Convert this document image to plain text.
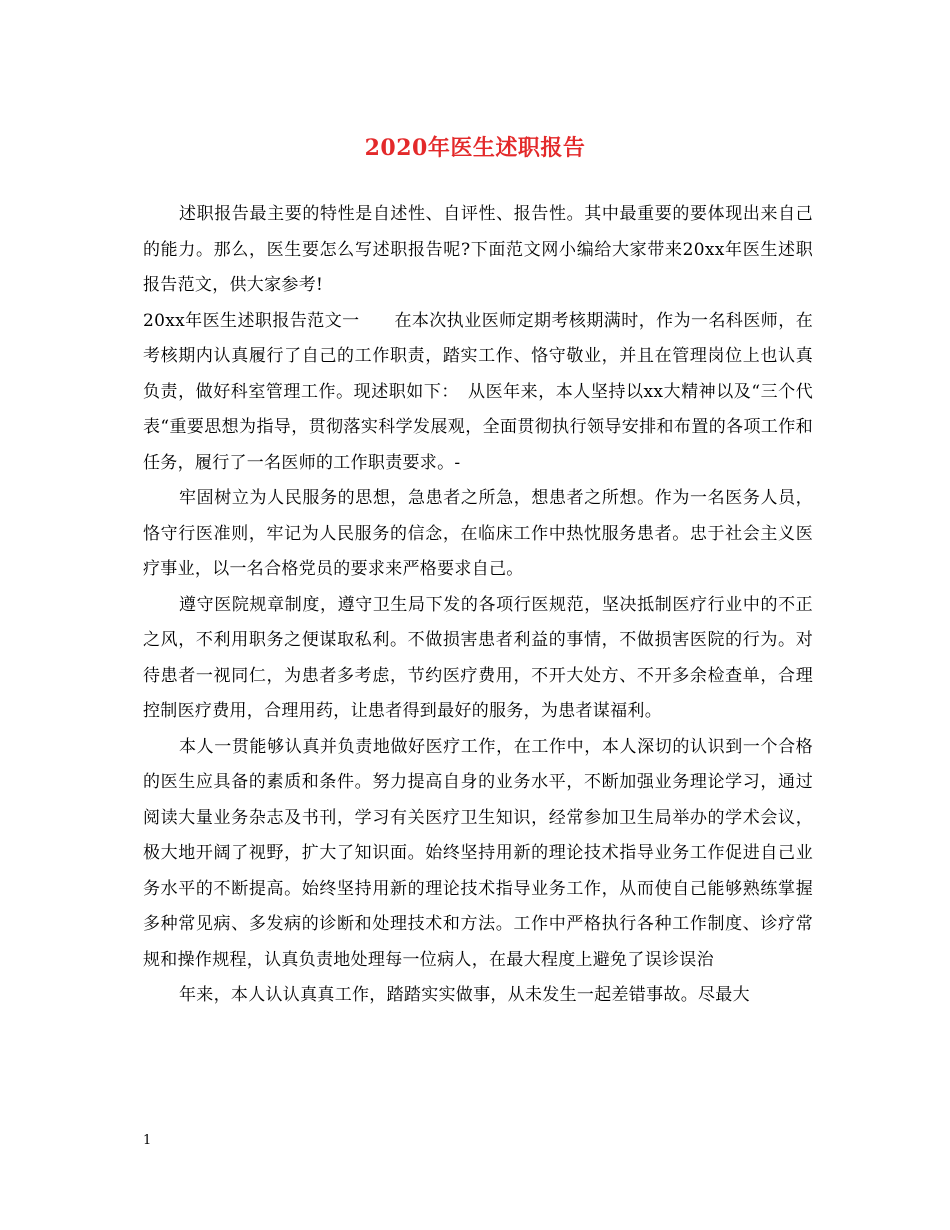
2020年医生述职报告

述职报告最主要的特性是自述性、自评性、报告性。其中最重要的要体现出来自己的能力。那么，医生要怎么写述职报告呢?下面范文网小编给大家带来20xx年医生述职报告范文，供大家参考!

20xx年医生述职报告范文一　　在本次执业医师定期考核期满时，作为一名科医师，在考核期内认真履行了自己的工作职责，踏实工作、恪守敬业，并且在管理岗位上也认真负责，做好科室管理工作。现述职如下：　从医年来，本人坚持以xx大精神以及“三个代表“重要思想为指导，贯彻落实科学发展观，全面贯彻执行领导安排和布置的各项工作和任务，履行了一名医师的工作职责要求。-

牢固树立为人民服务的思想，急患者之所急，想患者之所想。作为一名医务人员，恪守行医准则，牢记为人民服务的信念，在临床工作中热忱服务患者。忠于社会主义医疗事业，以一名合格党员的要求来严格要求自己。

遵守医院规章制度，遵守卫生局下发的各项行医规范，坚决抵制医疗行业中的不正之风，不利用职务之便谋取私利。不做损害患者利益的事情，不做损害医院的行为。对待患者一视同仁，为患者多考虑，节约医疗费用，不开大处方、不开多余检查单，合理控制医疗费用，合理用药，让患者得到最好的服务，为患者谋福利。

本人一贯能够认真并负责地做好医疗工作，在工作中，本人深切的认识到一个合格的医生应具备的素质和条件。努力提高自身的业务水平，不断加强业务理论学习，通过阅读大量业务杂志及书刊，学习有关医疗卫生知识，经常参加卫生局举办的学术会议，极大地开阔了视野，扩大了知识面。始终坚持用新的理论技术指导业务工作促进自己业务水平的不断提高。始终坚持用新的理论技术指导业务工作，从而使自己能够熟练掌握多种常见病、多发病的诊断和处理技术和方法。工作中严格执行各种工作制度、诊疗常规和操作规程，认真负责地处理每一位病人，在最大程度上避免了误诊误治

年来，本人认认真真工作，踏踏实实做事，从未发生一起差错事故。尽最大

1
